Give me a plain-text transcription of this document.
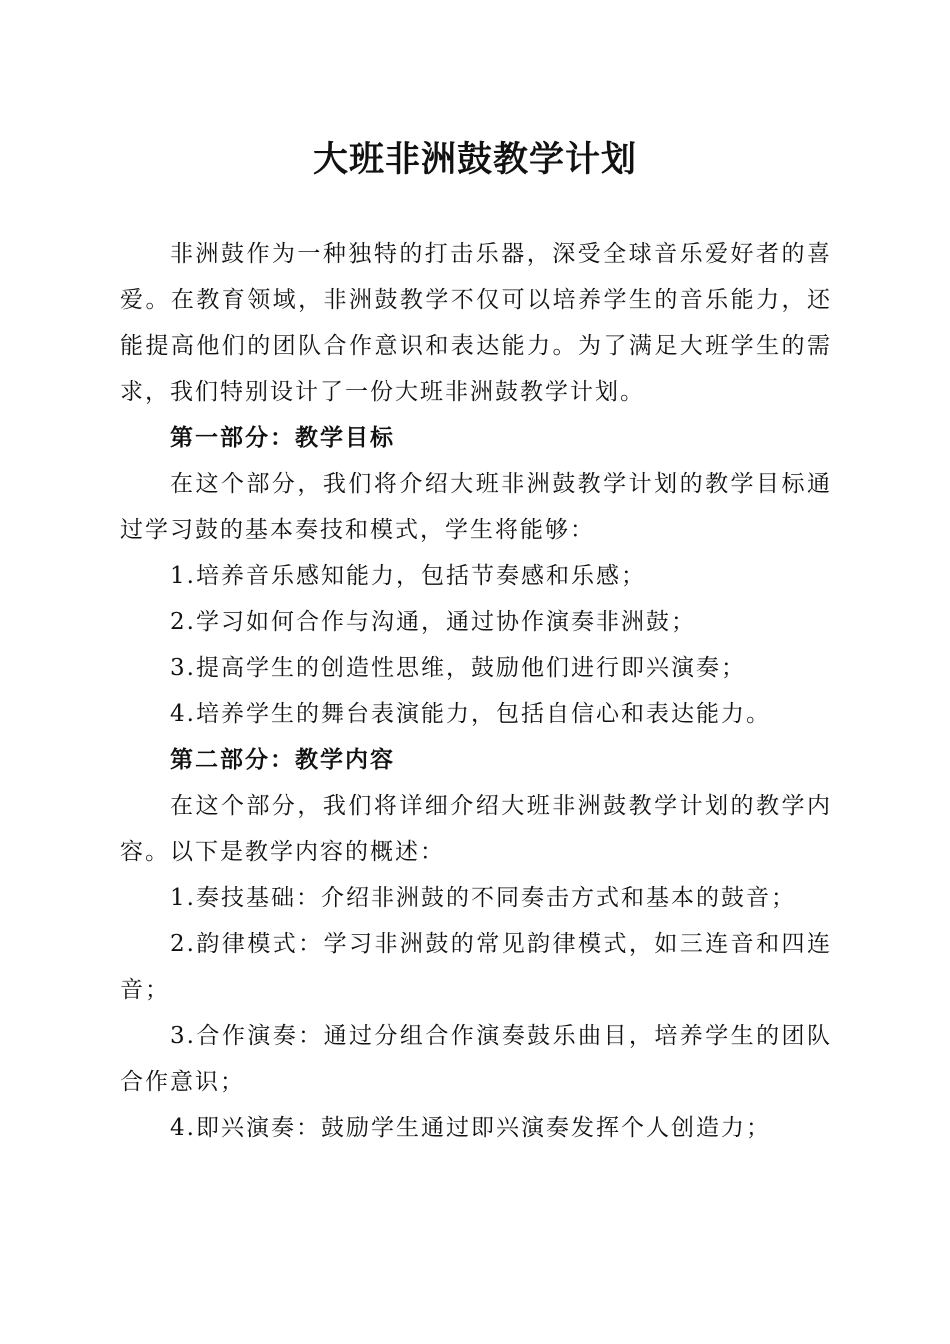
大班非洲鼓教学计划

非洲鼓作为一种独特的打击乐器，深受全球音乐爱好者的喜爱。在教育领域，非洲鼓教学不仅可以培养学生的音乐能力，还能提高他们的团队合作意识和表达能力。为了满足大班学生的需求，我们特别设计了一份大班非洲鼓教学计划。

第一部分：教学目标

在这个部分，我们将介绍大班非洲鼓教学计划的教学目标通过学习鼓的基本奏技和模式，学生将能够：

1.培养音乐感知能力，包括节奏感和乐感；

2.学习如何合作与沟通，通过协作演奏非洲鼓；

3.提高学生的创造性思维，鼓励他们进行即兴演奏；

4.培养学生的舞台表演能力，包括自信心和表达能力。

第二部分：教学内容

在这个部分，我们将详细介绍大班非洲鼓教学计划的教学内容。以下是教学内容的概述：

1.奏技基础：介绍非洲鼓的不同奏击方式和基本的鼓音；

2.韵律模式：学习非洲鼓的常见韵律模式，如三连音和四连音；

3.合作演奏：通过分组合作演奏鼓乐曲目，培养学生的团队合作意识；

4.即兴演奏：鼓励学生通过即兴演奏发挥个人创造力；
